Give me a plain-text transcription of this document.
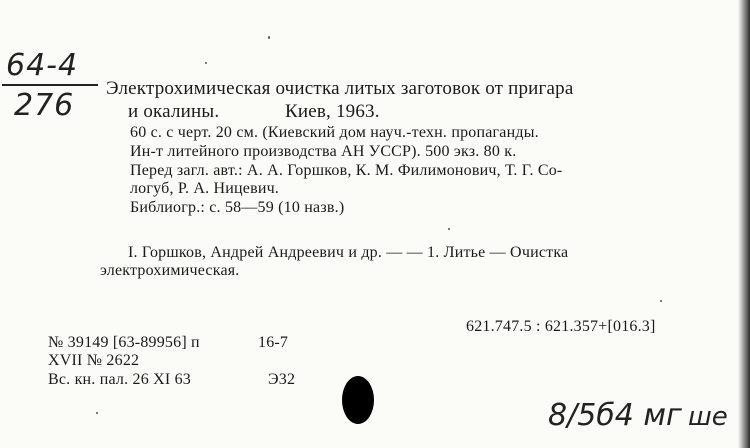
64-4
276 Электрохимическая очистка литых заготовок от пригара
и окалины.	Киев, 1963.
60 с. с черт. 20 см. (Киевский дом науч.-техн. пропаганды.
Ин-т литейного производства АН УССР). 500 экз. 80 к.
Перед загл. авт.: А. А. Горшков, К. М. Филимонович, Т. Г. Со-
логуб, Р. А. Ницевич.
Библиогр.: с. 58—59 (10 назв.)
I. Горшков, Андрей Андреевич и др. — — 1. Литье — Очистка
электрохимическая.
621.747.5 : 621.357+[016.3]
№ 39149 [63-89956] п	16-7
XVII № 2622
Вс. кн. пал. 26 XI 63	Э32
8/5б4 мг ше
